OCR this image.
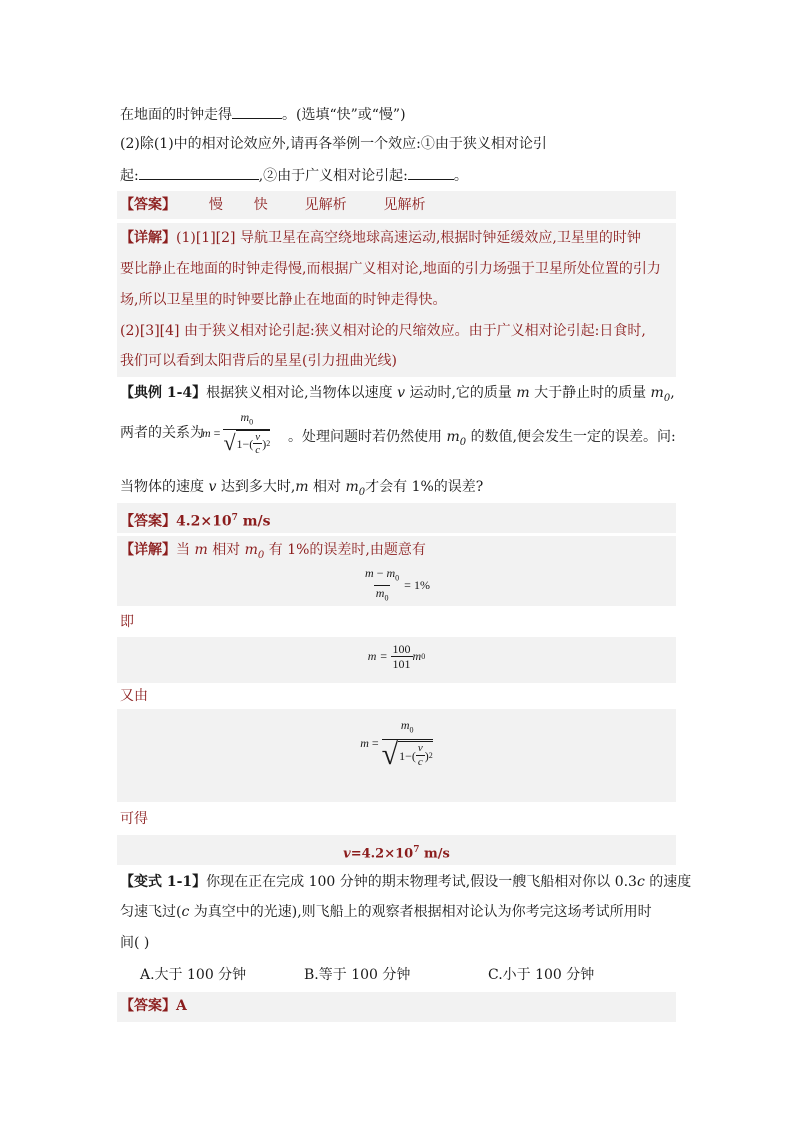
在地面的时钟走得	。(选填“快”或“慢”)
(2)除(1)中的相对论效应外,请再各举例一个效应:①由于狭义相对论引
起:	,②由于广义相对论引起:	。
【答案】 慢 快	见解析	见解析
【详解】(1)[1][2] 导航卫星在高空绕地球高速运动,根据时钟延缓效应,卫星里的时钟
要比静止在地面的时钟走得慢,而根据广义相对论,地面的引力场强于卫星所处位置的引力
场,所以卫星里的时钟要比静止在地面的时钟走得快。
(2)[3][4] 由于狭义相对论引起:狭义相对论的尺缩效应。由于广义相对论引起:日食时,
我们可以看到太阳背后的星星(引力扭曲光线)
【典例 1-4】根据狭义相对论,当物体以速度 v 运动时,它的质量 m 大于静止时的质量 $m_0$,
两者的关系为
m
=
$\frac{m_0}{√ 1-( \frac{v}{c} ) 2}$ 。处理问题时若仍然使用 $m_0$ 的数值,便会发生一定的误差。问:
当物体的速度 v 达到多大时,m 相对 $m_0$才会有 1%的误差?
【答案】$4.2\times 10^7$ m/s
【详解】当 m 相对 $m_0$ 有 1%的误差时,由题意有
$\frac{m - m_0}{m_0}$
= 1%
即
m =
$\frac{100}{101}$ m 0
又由
m
=
$\frac{m_0}{√ 1-( \frac{v}{c} ) 2}$
可得
$v=4.2\times 10^7$ m/s
【变式 1-1】你现在正在完成 100 分钟的期末物理考试,假设一艘飞船相对你以 0.3c 的速度
匀速飞过(c 为真空中的光速),则飞船上的观察者根据相对论认为你考完这场考试所用时
间( )
A.大于 100 分钟	B.等于 100 分钟	C.小于 100 分钟
【答案】A
